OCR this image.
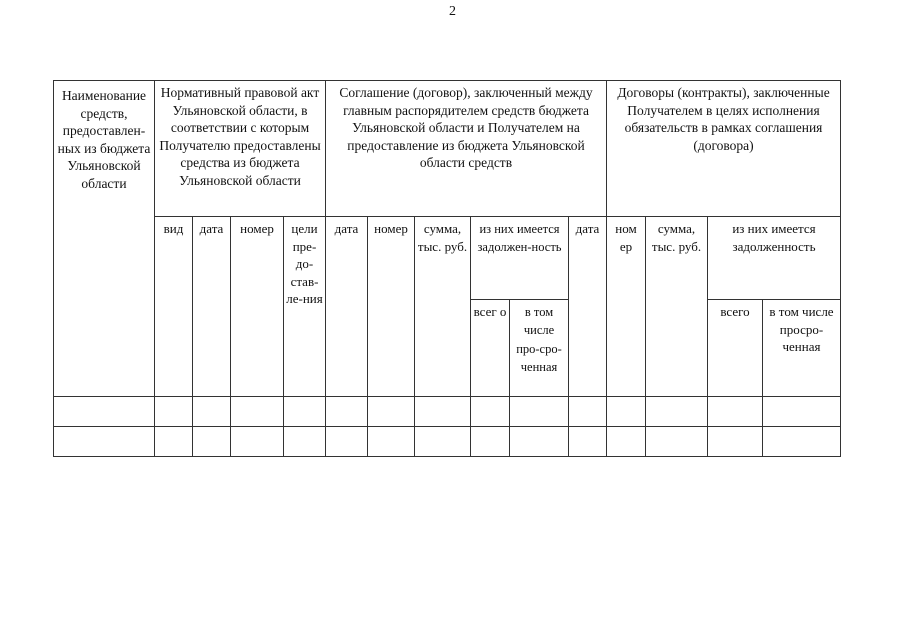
2
Наименование средств, предоставлен-ных из бюджета Ульяновской области	Нормативный правовой акт Ульяновской области, в соответствии с которым Получателю предоставлены средства из бюджета Ульяновской области				Соглашение (договор), заключенный между главным распорядителем средств бюджета Ульяновской области и Получателем на предоставление из бюджета Ульяновской области средств						Договоры (контракты), заключенные Получателем в целях исполнения обязательств в рамках соглашения (договора)			
	вид	дата	номер	цели пре-до-став-ле-ния	дата	номер	сумма, тыс. руб.	из них имеется задолжен-ность		дата	ном ер	сумма, тыс. руб.	из них имеется задолженность	
								всег о	в том числе про-сро-ченная				всего	в том числе просро-ченная
